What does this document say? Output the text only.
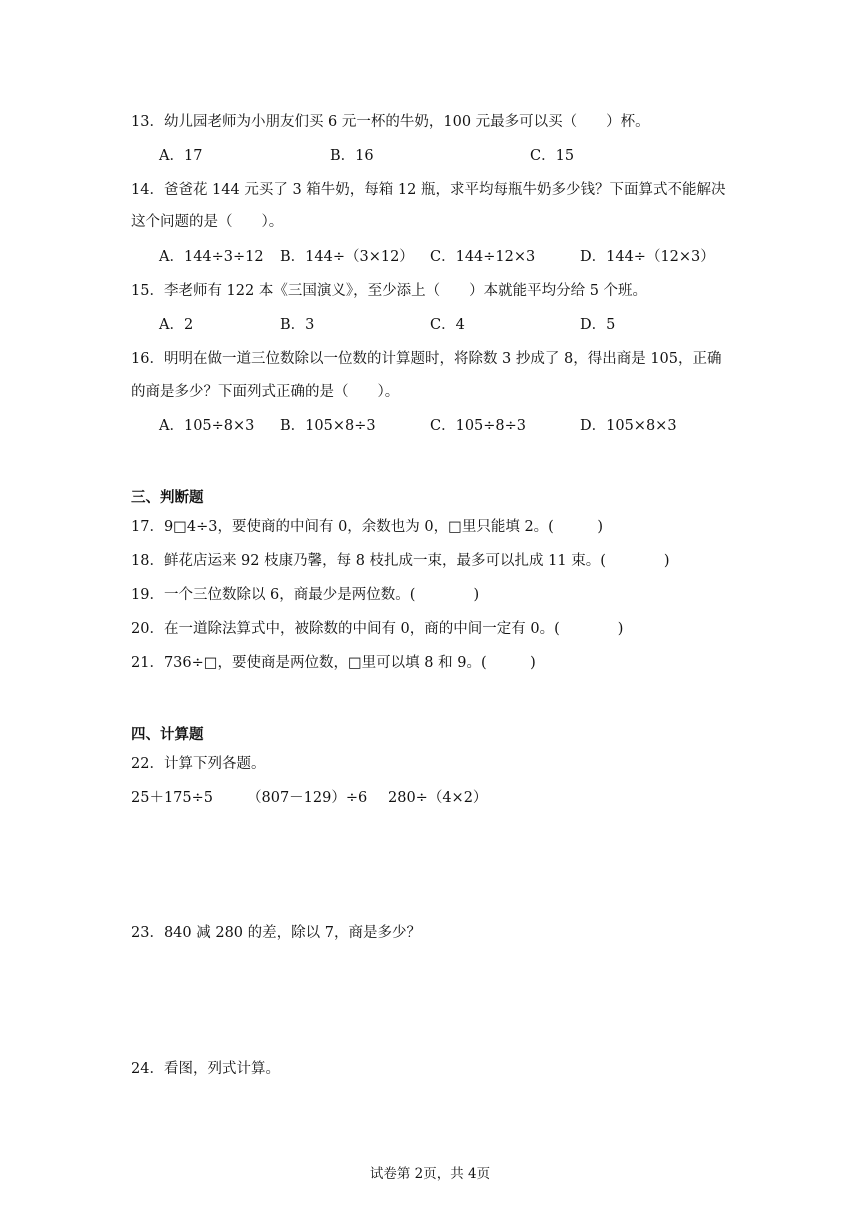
13．幼儿园老师为小朋友们买 6 元一杯的牛奶，100 元最多可以买（　　）杯。
A．17	B．16	C．15
14．爸爸花 144 元买了 3 箱牛奶，每箱 12 瓶，求平均每瓶牛奶多少钱？下面算式不能解决
这个问题的是（　　）。
A．144÷3÷12 B．144÷（3×12） C．144÷12×3	D．144÷（12×3）
15．李老师有 122 本《三国演义》，至少添上（　　）本就能平均分给 5 个班。
A．2	B．3	C．4	D．5
16．明明在做一道三位数除以一位数的计算题时，将除数 3 抄成了 8，得出商是 105，正确
的商是多少？下面列式正确的是（　　）。
A．105÷8×3 B．105×8÷3	C．105÷8÷3	D．105×8×3
三、判断题
17．9□4÷3，要使商的中间有 0，余数也为 0，□里只能填 2。(　　　)
18．鲜花店运来 92 枝康乃馨，每 8 枝扎成一束，最多可以扎成 11 束。(　　　　)
19．一个三位数除以 6，商最少是两位数。(　　　　)
20．在一道除法算式中，被除数的中间有 0，商的中间一定有 0。(　　　　)
21．736÷□，要使商是两位数，□里可以填 8 和 9。(　　　)
四、计算题
22．计算下列各题。
25＋175÷5 （807－129）÷6 280÷（4×2）
23．840 减 280 的差，除以 7，商是多少？
24．看图，列式计算。
试卷第 2页，共 4页
